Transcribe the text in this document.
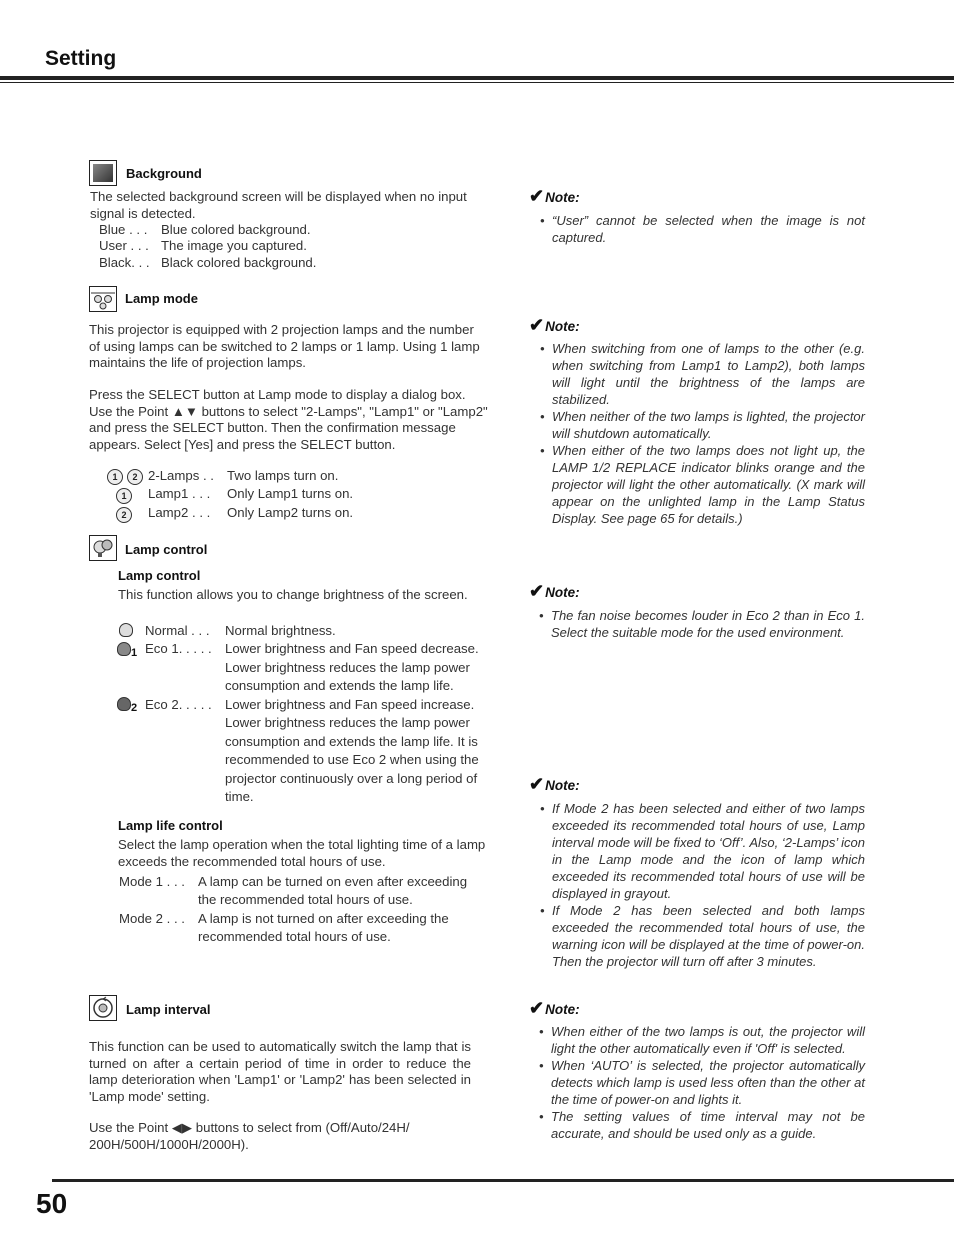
Setting
Background
The selected background screen will be displayed when no input signal is detected.
Blue . . . Blue colored background.
User . . . The image you captured.
Black. . . Black colored background.
✔Note:
• “User” cannot be selected when the image is not captured.
Lamp mode
This projector is equipped with 2 projection lamps and the number of using lamps can be switched to 2 lamps or 1 lamp. Using 1 lamp maintains the life of projection lamps.
Press the SELECT button at Lamp mode to display a dialog box. Use the Point ▲▼ buttons to select "2-Lamps", "Lamp1" or "Lamp2" and press the SELECT button. Then the confirmation message appears. Select [Yes] and press the SELECT button.
1	2 2-Lamps . . Two lamps turn on.
1	Lamp1 . . . Only Lamp1 turns on.
2	Lamp2 . . . Only Lamp2 turns on.
✔Note:
• When switching from one of lamps to the other (e.g. when switching from Lamp1 to Lamp2), both lamps will light until the brightness of the lamps are stabilized.
• When neither of the two lamps is lighted, the projector will shutdown automatically.
• When either of the two lamps does not light up, the LAMP 1/2 REPLACE indicator blinks orange and the projector will light the other automatically. (X mark will appear on the unlighted lamp in the Lamp Status Display. See page 65 for details.)
Lamp control
Lamp control
This function allows you to change brightness of the screen.
Normal . . . Normal brightness.
1 Eco 1. . . . . Lower brightness and Fan speed decrease.
Lower brightness reduces the lamp power
consumption and extends the lamp life.
2 Eco 2. . . . . Lower brightness and Fan speed increase.
Lower brightness reduces the lamp power
consumption and extends the lamp life. It is
recommended to use Eco 2 when using the
projector continuously over a long period of
time.
Lamp life control
Select the lamp operation when the total lighting time of a lamp exceeds the recommended total hours of use.
Mode 1 . . . A lamp can be turned on even after exceeding
the recommended total hours of use.
Mode 2 . . . A lamp is not turned on after exceeding the
recommended total hours of use.
✔Note:
• The fan noise becomes louder in Eco 2 than in Eco 1. Select the suitable mode for the used environment.
✔Note:
• If Mode 2 has been selected and either of two lamps exceeded its recommended total hours of use, Lamp interval mode will be fixed to ‘Off’. Also, ‘2-Lamps’ icon in the Lamp mode and the icon of lamp which exceeded its recommended total hours of use will be displayed in grayout.
• If Mode 2 has been selected and both lamps exceeded the recommended total hours of use, the warning icon will be displayed at the time of power-on. Then the projector will turn off after 3 minutes.
Lamp interval
This function can be used to automatically switch the lamp that is turned on after a certain period of time in order to reduce the lamp deterioration when 'Lamp1' or 'Lamp2' has been selected in 'Lamp mode' setting.
Use the Point ◀▶ buttons to select from (Off/Auto/24H/ 200H/500H/1000H/2000H).
✔Note:
• When either of the two lamps is out, the projector will light the other automatically even if 'Off' is selected.
• When ‘AUTO’ is selected, the projector automatically detects which lamp is used less often than the other at the time of power-on and lights it.
• The setting values of time interval may not be accurate, and should be used only as a guide.
50
